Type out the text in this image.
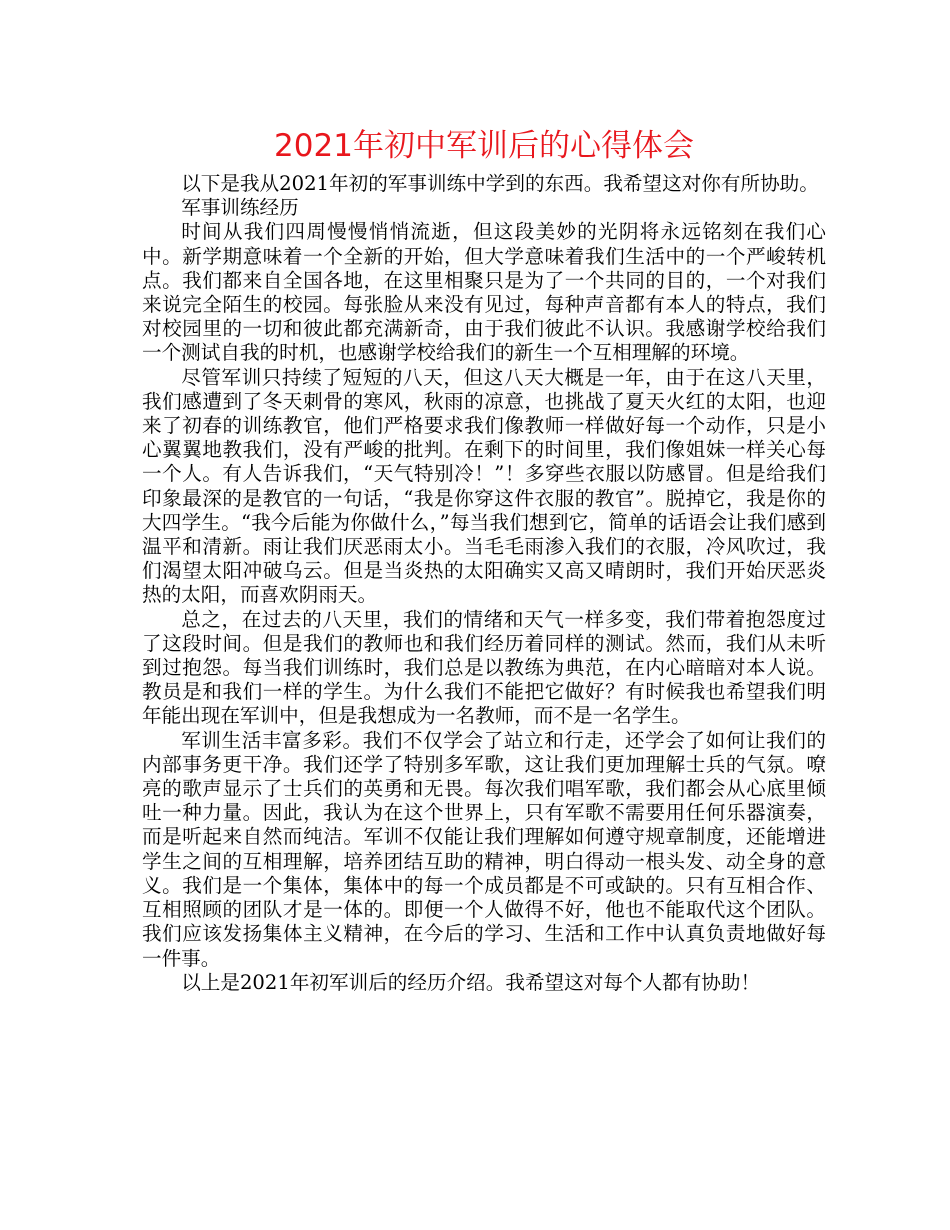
2021年初中军训后的心得体会

以下是我从2021年初的军事训练中学到的东西。我希望这对你有所协助。

军事训练经历

时间从我们四周慢慢悄悄流逝，但这段美妙的光阴将永远铭刻在我们心中。新学期意味着一个全新的开始，但大学意味着我们生活中的一个严峻转机点。我们都来自全国各地，在这里相聚只是为了一个共同的目的，一个对我们来说完全陌生的校园。每张脸从来没有见过，每种声音都有本人的特点，我们对校园里的一切和彼此都充满新奇，由于我们彼此不认识。我感谢学校给我们一个测试自我的时机，也感谢学校给我们的新生一个互相理解的环境。

尽管军训只持续了短短的八天，但这八天大概是一年，由于在这八天里，我们感遭到了冬天刺骨的寒风，秋雨的凉意，也挑战了夏天火红的太阳，也迎来了初春的训练教官，他们严格要求我们像教师一样做好每一个动作，只是小心翼翼地教我们，没有严峻的批判。在剩下的时间里，我们像姐妹一样关心每一个人。有人告诉我们，“天气特别冷！”！多穿些衣服以防感冒。但是给我们印象最深的是教官的一句话，“我是你穿这件衣服的教官”。脱掉它，我是你的大四学生。“我今后能为你做什么，”每当我们想到它，简单的话语会让我们感到温平和清新。雨让我们厌恶雨太小。当毛毛雨渗入我们的衣服，冷风吹过，我们渴望太阳冲破乌云。但是当炎热的太阳确实又高又晴朗时，我们开始厌恶炎热的太阳，而喜欢阴雨天。

总之，在过去的八天里，我们的情绪和天气一样多变，我们带着抱怨度过了这段时间。但是我们的教师也和我们经历着同样的测试。然而，我们从未听到过抱怨。每当我们训练时，我们总是以教练为典范，在内心暗暗对本人说。教员是和我们一样的学生。为什么我们不能把它做好？有时候我也希望我们明年能出现在军训中，但是我想成为一名教师，而不是一名学生。

军训生活丰富多彩。我们不仅学会了站立和行走，还学会了如何让我们的内部事务更干净。我们还学了特别多军歌，这让我们更加理解士兵的气氛。嘹亮的歌声显示了士兵们的英勇和无畏。每次我们唱军歌，我们都会从心底里倾吐一种力量。因此，我认为在这个世界上，只有军歌不需要用任何乐器演奏，而是听起来自然而纯洁。军训不仅能让我们理解如何遵守规章制度，还能增进学生之间的互相理解，培养团结互助的精神，明白得动一根头发、动全身的意义。我们是一个集体，集体中的每一个成员都是不可或缺的。只有互相合作、互相照顾的团队才是一体的。即便一个人做得不好，他也不能取代这个团队。我们应该发扬集体主义精神，在今后的学习、生活和工作中认真负责地做好每一件事。

以上是2021年初军训后的经历介绍。我希望这对每个人都有协助！
